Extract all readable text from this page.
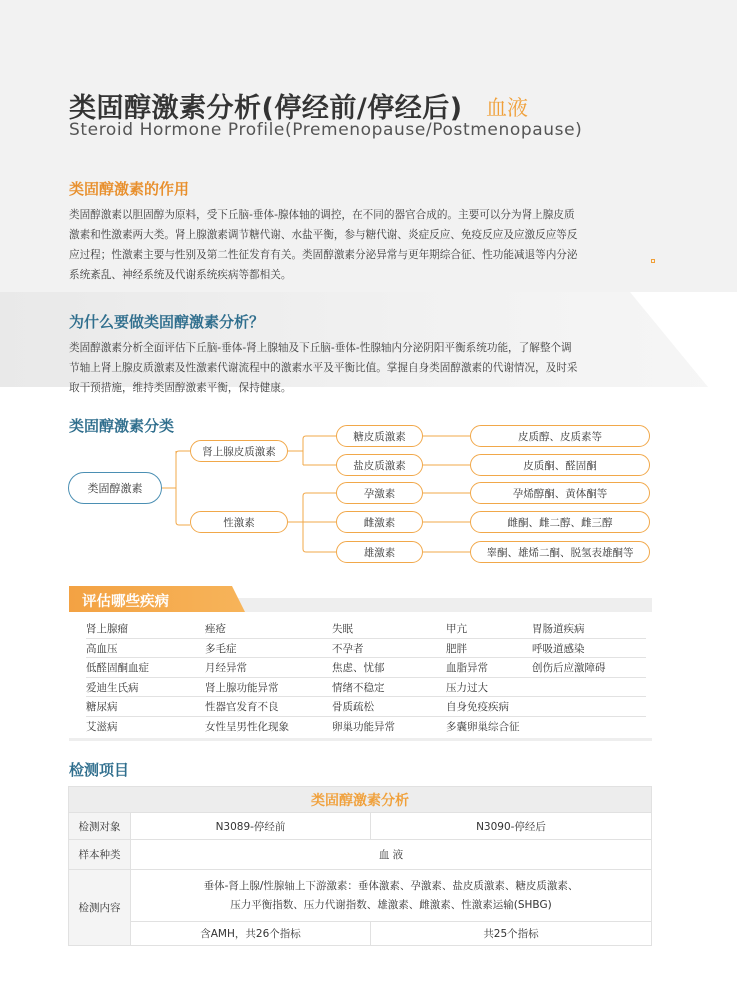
类固醇激素分析(停经前/停经后) 血液
Steroid Hormone Profile(Premenopause/Postmenopause)
类固醇激素的作用
类固醇激素以胆固醇为原料，受下丘脑-垂体-腺体轴的调控，在不同的器官合成的。主要可以分为肾上腺皮质
激素和性激素两大类。肾上腺激素调节糖代谢、水盐平衡，参与糖代谢、炎症反应、免疫反应及应激反应等反
应过程；性激素主要与性别及第二性征发育有关。类固醇激素分泌异常与更年期综合征、性功能减退等内分泌
系统紊乱、神经系统及代谢系统疾病等都相关。
为什么要做类固醇激素分析？
类固醇激素分析全面评估下丘脑-垂体-肾上腺轴及下丘脑-垂体-性腺轴内分泌阴阳平衡系统功能，了解整个调
节轴上肾上腺皮质激素及性激素代谢流程中的激素水平及平衡比值。掌握自身类固醇激素的代谢情况，及时采
取干预措施，维持类固醇激素平衡，保持健康。
类固醇激素分类
类固醇激素
肾上腺皮质激素
性激素
糖皮质激素
盐皮质激素
孕激素
雌激素
雄激素
皮质醇、皮质素等
皮质酮、醛固酮
孕烯醇酮、黄体酮等
雌酮、雌二醇、雌三醇
睾酮、雄烯二酮、脱氢表雄酮等
评估哪些疾病
肾上腺瘤	痤疮	失眠	甲亢	胃肠道疾病
高血压	多毛症	不孕者	肥胖	呼吸道感染
低醛固酮血症	月经异常	焦虑、忧郁	血脂异常	创伤后应激障碍
爱迪生氏病	肾上腺功能异常	情绪不稳定	压力过大
糖尿病	性器官发育不良	骨质疏松	自身免疫疾病
艾滋病	女性呈男性化现象	卵巢功能异常	多囊卵巢综合征
检测项目
类固醇激素分析		
检测对象	N3089-停经前	N3090-停经后
样本种类	血 液	
检测内容	垂体-肾上腺/性腺轴上下游激素：垂体激素、孕激素、盐皮质激素、糖皮质激素、
压力平衡指数、压力代谢指数、雄激素、雌激素、性激素运输(SHBG)	

	含AMH，共26个指标	共25个指标
